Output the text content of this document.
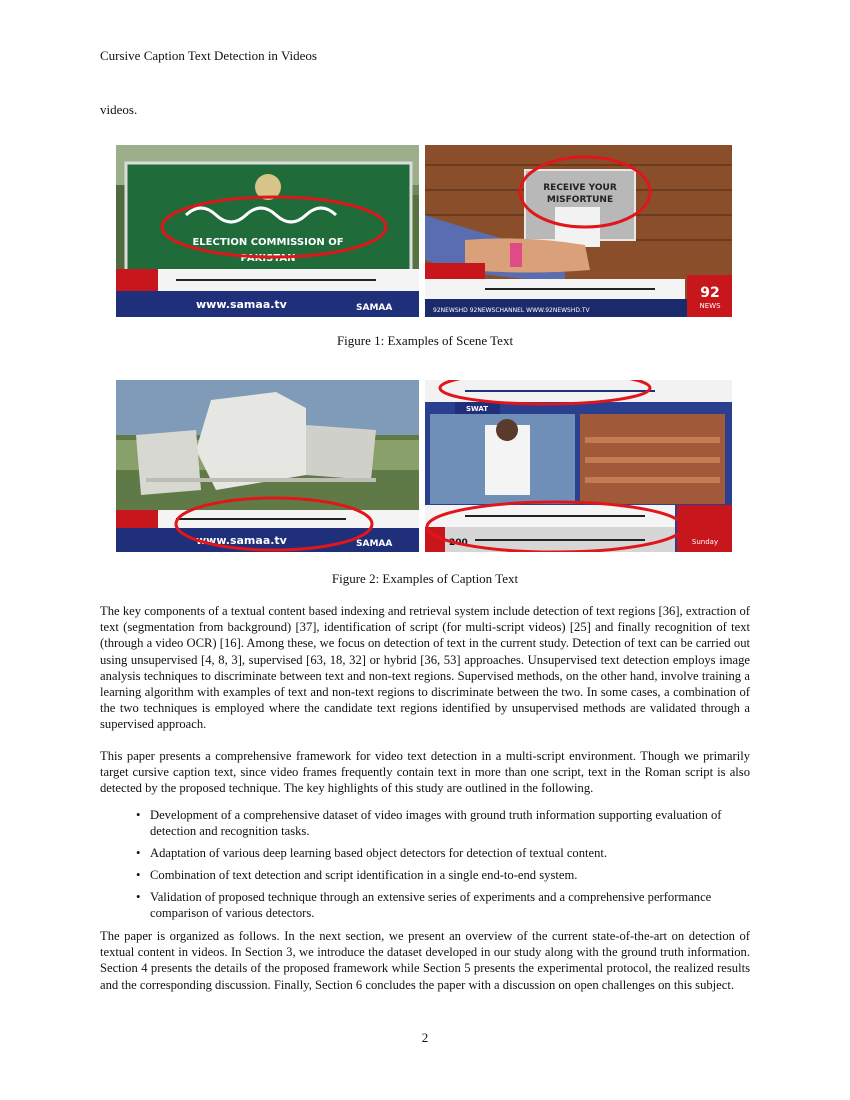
Cursive Caption Text Detection in Videos
videos.
ELECTION COMMISSION OF
PAKISTAN
www.samaa.tv	SAMAA
RECEIVE YOUR
MISFORTUNE
92NEWSHD 92NEWSCHANNEL WWW.92NEWSHD.TV
92
NEWS
Figure 1: Examples of Scene Text
www.samaa.tv	SAMAA
SWAT
200	Sunday
Figure 2: Examples of Caption Text

The key components of a textual content based indexing and retrieval system include detection of text regions [36], extraction of text (segmentation from background) [37], identification of script (for multi-script videos) [25] and finally recognition of text (through a video OCR) [16]. Among these, we focus on detection of text in the current study. Detection of text can be carried out using unsupervised [4, 8, 3], supervised [63, 18, 32] or hybrid [36, 53] approaches. Unsupervised text detection employs image analysis techniques to discriminate between text and non-text regions. Supervised methods, on the other hand, involve training a learning algorithm with examples of text and non-text regions to discriminate between the two. In some cases, a combination of the two techniques is employed where the candidate text regions identified by unsupervised methods are validated through a supervised approach.

This paper presents a comprehensive framework for video text detection in a multi-script environment. Though we primarily target cursive caption text, since video frames frequently contain text in more than one script, text in the Roman script is also detected by the proposed technique. The key highlights of this study are outlined in the following.

• Development of a comprehensive dataset of video images with ground truth information supporting evaluation of detection and recognition tasks.
• Adaptation of various deep learning based object detectors for detection of textual content.
• Combination of text detection and script identification in a single end-to-end system.
• Validation of proposed technique through an extensive series of experiments and a comprehensive performance comparison of various detectors.

The paper is organized as follows. In the next section, we present an overview of the current state-of-the-art on detection of textual content in videos. In Section 3, we introduce the dataset developed in our study along with the ground truth information. Section 4 presents the details of the proposed framework while Section 5 presents the experimental protocol, the realized results and the corresponding discussion. Finally, Section 6 concludes the paper with a discussion on open challenges on this subject.

2
